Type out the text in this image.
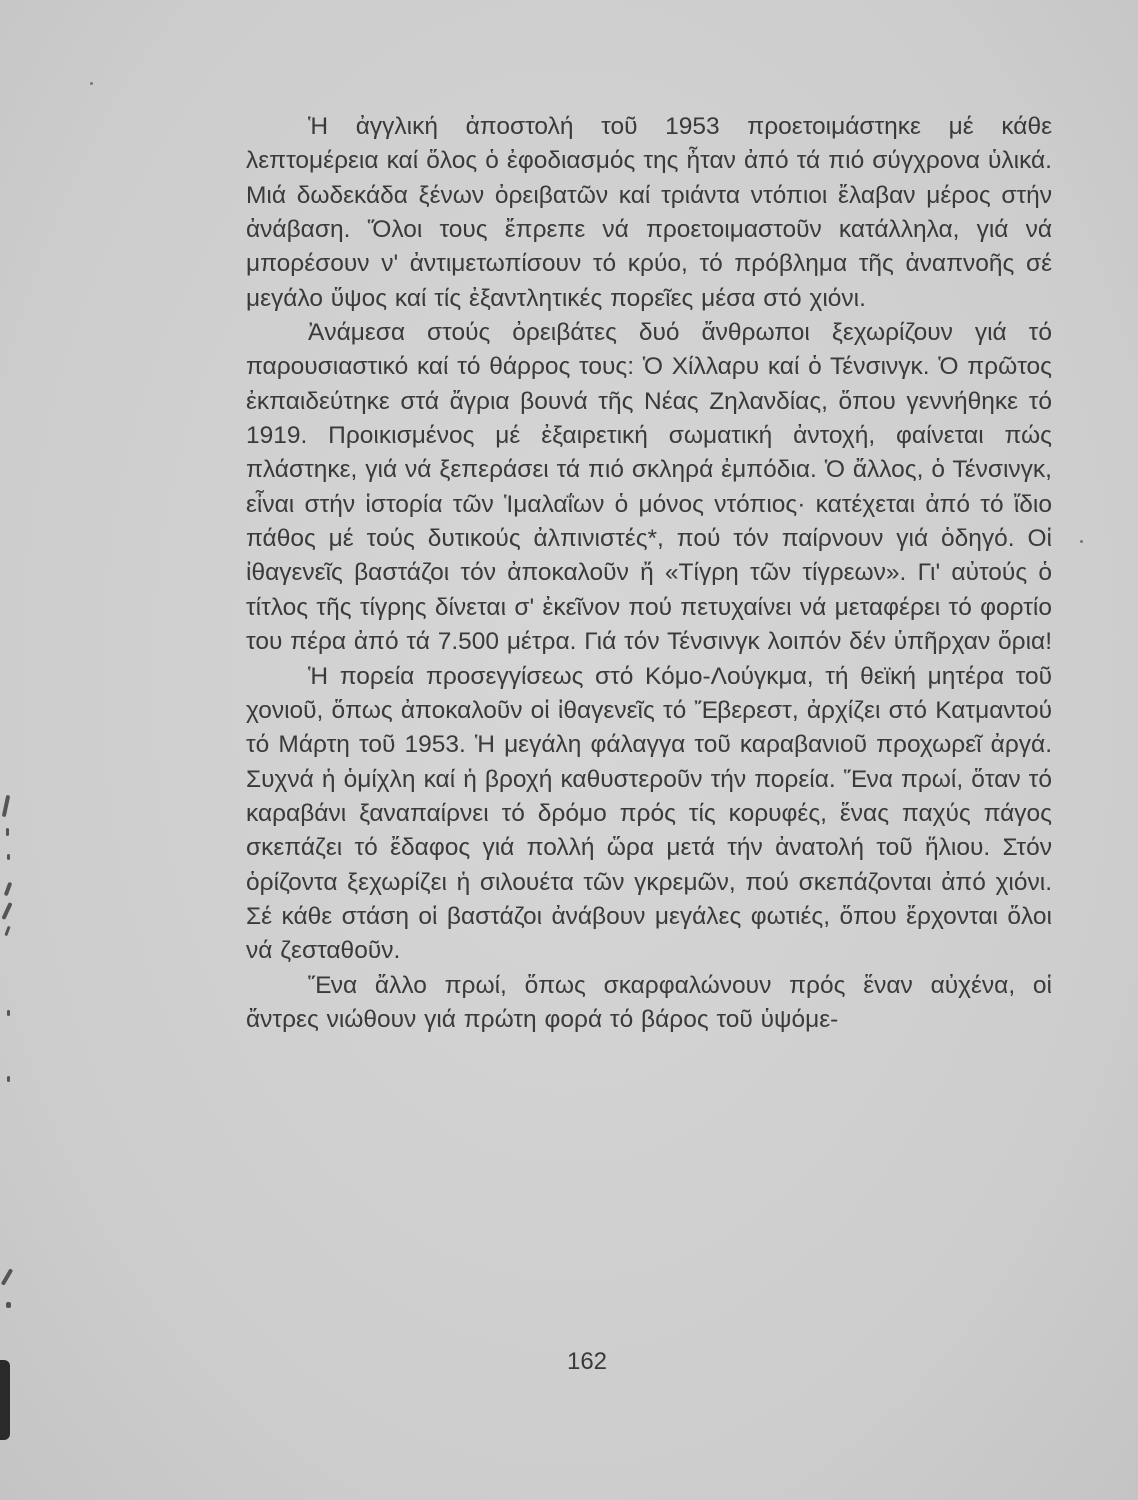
Ἡ ἀγγλική ἀποστολή τοῦ 1953 προετοιμάστηκε μέ κάθε λεπτομέρεια καί ὅλος ὁ ἐφοδιασμός της ἦταν ἀπό τά πιό σύγχρονα ὑλικά. Μιά δωδεκάδα ξένων ὀρειβατῶν καί τριάντα ντόπιοι ἔλαβαν μέρος στήν ἀνάβαση. Ὅλοι τους ἔπρεπε νά προετοιμαστοῦν κατάλληλα, γιά νά μπορέσουν ν' ἀντιμετωπίσουν τό κρύο, τό πρόβλημα τῆς ἀναπνοῆς σέ μεγάλο ὕψος καί τίς ἐξαντλητικές πορεῖες μέσα στό χιόνι.

Ἀνάμεσα στούς ὀρειβάτες δυό ἄνθρωποι ξεχωρίζουν γιά τό παρουσιαστικό καί τό θάρρος τους: Ὁ Χίλλαρυ καί ὁ Τένσινγκ. Ὁ πρῶτος ἐκπαιδεύτηκε στά ἄγρια βουνά τῆς Νέας Ζηλανδίας, ὅπου γεννήθηκε τό 1919. Προικισμένος μέ ἐξαιρετική σωματική ἀντοχή, φαίνεται πώς πλάστηκε, γιά νά ξεπεράσει τά πιό σκληρά ἐμπόδια. Ὁ ἄλλος, ὁ Τένσινγκ, εἶναι στήν ἱστορία τῶν Ἱμαλαΐων ὁ μόνος ντόπιος· κατέχεται ἀπό τό ἴδιο πάθος μέ τούς δυτικούς ἀλπινιστές*, πού τόν παίρνουν γιά ὁδηγό. Οἱ ἰθαγενεῖς βαστάζοι τόν ἀποκαλοῦν ἤ «Τίγρη τῶν τίγρεων». Γι' αὐτούς ὁ τίτλος τῆς τίγρης δίνεται σ' ἐκεῖνον πού πετυχαίνει νά μεταφέρει τό φορτίο του πέρα ἀπό τά 7.500 μέτρα. Γιά τόν Τένσινγκ λοιπόν δέν ὑπῆρχαν ὅρια!

Ἡ πορεία προσεγγίσεως στό Κόμο-Λούγκμα, τή θεϊκή μητέρα τοῦ χονιοῦ, ὅπως ἀποκαλοῦν οἱ ἰθαγενεῖς τό Ἔβερεστ, ἀρχίζει στό Κατμαντού τό Μάρτη τοῦ 1953. Ἡ μεγάλη φάλαγγα τοῦ καραβανιοῦ προχωρεῖ ἀργά. Συχνά ἡ ὁμίχλη καί ἡ βροχή καθυστεροῦν τήν πορεία. Ἕνα πρωί, ὅταν τό καραβάνι ξαναπαίρνει τό δρόμο πρός τίς κορυφές, ἕνας παχύς πάγος σκεπάζει τό ἔδαφος γιά πολλή ὥρα μετά τήν ἀνατολή τοῦ ἥλιου. Στόν ὁρίζοντα ξεχωρίζει ἡ σιλουέτα τῶν γκρεμῶν, πού σκεπάζονται ἀπό χιόνι. Σέ κάθε στάση οἱ βαστάζοι ἀνάβουν μεγάλες φωτιές, ὅπου ἔρχονται ὅλοι νά ζεσταθοῦν.

Ἕνα ἄλλο πρωί, ὅπως σκαρφαλώνουν πρός ἕναν αὐχένα, οἱ ἄντρες νιώθουν γιά πρώτη φορά τό βάρος τοῦ ὑψόμε-

162
